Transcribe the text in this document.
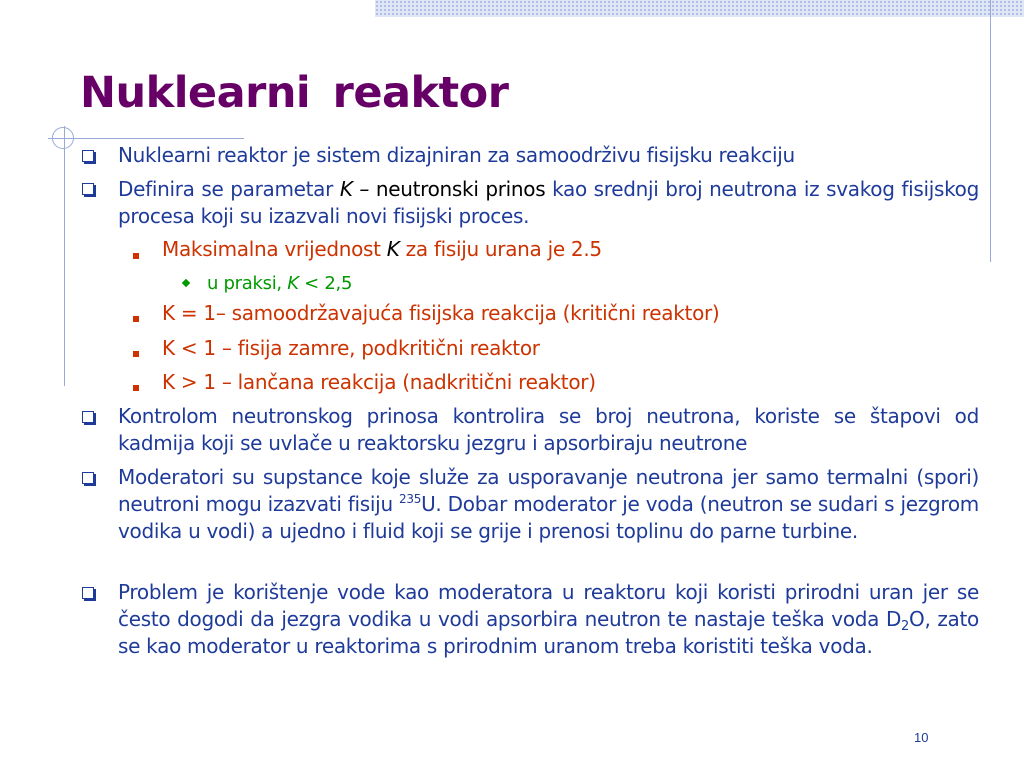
Nuklearni reaktor
Nuklearni reaktor je sistem dizajniran za samoodrživu fisijsku reakciju
Definira se parametar K – neutronski prinos kao srednji broj neutrona iz svakog fisijskog procesa koji su izazvali novi fisijski proces.
Maksimalna vrijednost K za fisiju urana je 2.5
u praksi, K < 2,5
K = 1– samoodržavajuća fisijska reakcija (kritični reaktor)
K < 1 – fisija zamre, podkritični reaktor
K > 1 – lančana reakcija (nadkritični reaktor)
Kontrolom neutronskog prinosa kontrolira se broj neutrona, koriste se štapovi od kadmija koji se uvlače u reaktorsku jezgru i apsorbiraju neutrone
Moderatori su supstance koje služe za usporavanje neutrona jer samo termalni (spori) neutroni mogu izazvati fisiju $^{235}$U. Dobar moderator je voda (neutron se sudari s jezgrom vodika u vodi) a ujedno i fluid koji se grije i prenosi toplinu do parne turbine.
Problem je korištenje vode kao moderatora u reaktoru koji koristi prirodni uran jer se često dogodi da jezgra vodika u vodi apsorbira neutron te nastaje teška voda $D_2O$, zato se kao moderator u reaktorima s prirodnim uranom treba koristiti teška voda.
10
